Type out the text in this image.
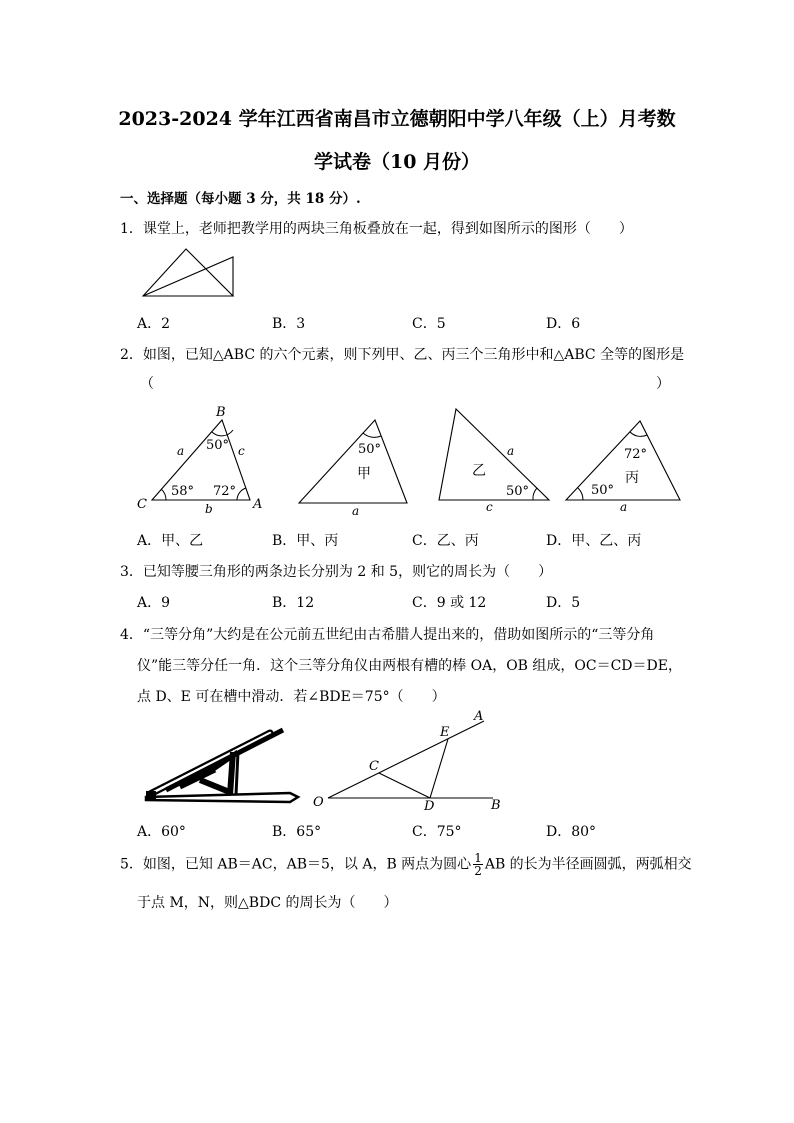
2023-2024 学年江西省南昌市立德朝阳中学八年级（上）月考数
学试卷（10 月份）
一、选择题（每小题 3 分，共 18 分）.
1．课堂上，老师把教学用的两块三角板叠放在一起，得到如图所示的图形（　　）
A．2	B．3	C．5	D．6
2．如图，已知△ABC 的六个元素，则下列甲、乙、丙三个三角形中和△ABC 全等的图形是
（	）
B
C	A
a	c
b
50°
58° 72°
50°
甲
a
乙
a
50°
c
72°
丙
50°
a
A．甲、乙	B．甲、丙	C．乙、丙	D．甲、乙、丙
3．已知等腰三角形的两条边长分别为 2 和 5，则它的周长为（　　）
A．9	B．12	C．9 或 12	D．5
4．“三等分角”大约是在公元前五世纪由古希腊人提出来的，借助如图所示的“三等分角
仪”能三等分任一角．这个三等分角仪由两根有槽的棒 OA，OB 组成，OC＝CD＝DE，
点 D、E 可在槽中滑动．若∠BDE＝75°（　　）
O
A
B
C
D
E
A．60°	B．65°	C．75°	D．80°
5．如图，已知 AB＝AC，AB＝5，以 A，B 两点为圆心 $\frac{1}{2}$ AB 的长为半径画圆弧，两弧相交
于点 M，N，则△BDC 的周长为（　　）
